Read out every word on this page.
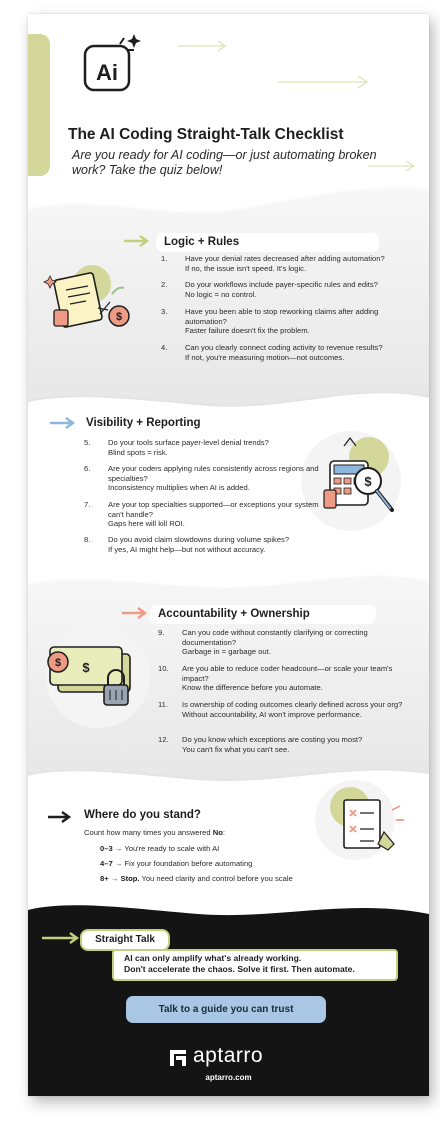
Ai
$
$
$
$
The AI Coding Straight-Talk Checklist
Are you ready for AI coding—or just automating broken work? Take the quiz below!
Logic + Rules
1.	Have your denial rates decreased after adding automation?
If no, the issue isn't speed. It's logic.
2.	Do your workflows include payer-specific rules and edits?
No logic = no control.
3.	Have you been able to stop reworking claims after adding automation?
Faster failure doesn't fix the problem.
4.	Can you clearly connect coding activity to revenue results?
If not, you're measuring motion—not outcomes.
Visibility + Reporting
5.	Do your tools surface payer-level denial trends?
Blind spots = risk.
6.	Are your coders applying rules consistently across regions and specialties?
Inconsistency multiplies when AI is added.
7.	Are your top specialties supported—or exceptions your system can't handle?
Gaps here will kill ROI.
8.	Do you avoid claim slowdowns during volume spikes?
If yes, AI might help—but not without accuracy.
Accountability + Ownership
9.	Can you code without constantly clarifying or correcting documentation?
Garbage in = garbage out.
10. Are you able to reduce coder headcount—or scale your team's impact?
Know the difference before you automate.
11. Is ownership of coding outcomes clearly defined across your org?
Without accountability, AI won't improve performance.
12. Do you know which exceptions are costing you most?
You can't fix what you can't see.
Where do you stand?
Count how many times you answered No:
0–3 → You're ready to scale with AI
4–7 → Fix your foundation before automating
8+ → Stop. You need clarity and control before you scale
Straight Talk
AI can only amplify what's already working.
Don't accelerate the chaos. Solve it first. Then automate.
Talk to a guide you can trust
aptarro
aptarro.com
